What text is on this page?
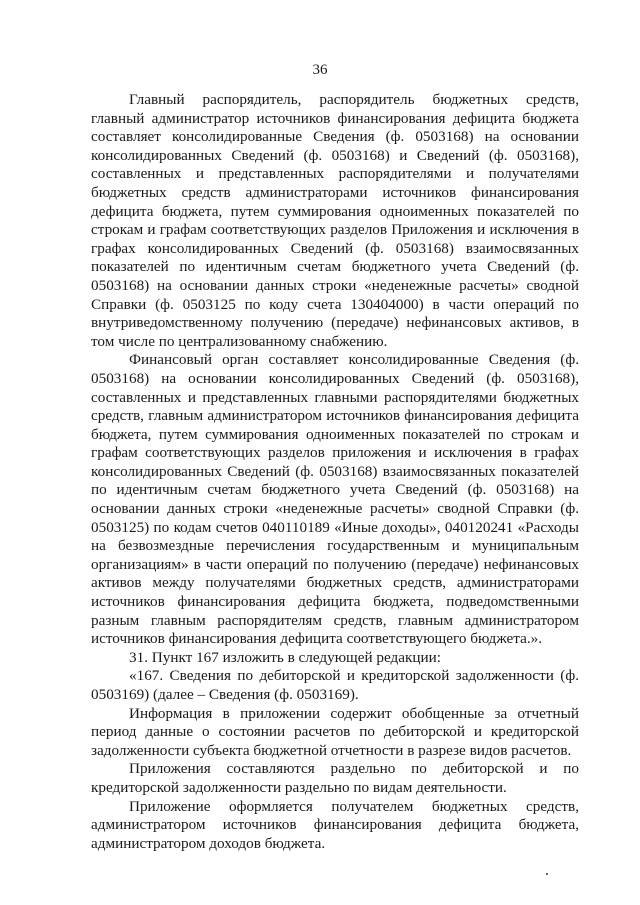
36

Главный распорядитель, распорядитель бюджетных средств, главный администратор источников финансирования дефицита бюджета составляет консолидированные Сведения (ф. 0503168) на основании консолидированных Сведений (ф. 0503168) и Сведений (ф. 0503168), составленных и представленных распорядителями и получателями бюджетных средств администраторами источников финансирования дефицита бюджета, путем суммирования одноименных показателей по строкам и графам соответствующих разделов Приложения и исключения в графах консолидированных Сведений (ф. 0503168) взаимосвязанных показателей по идентичным счетам бюджетного учета Сведений (ф. 0503168) на основании данных строки «неденежные расчеты» сводной Справки (ф. 0503125 по коду счета 130404000) в части операций по внутриведомственному получению (передаче) нефинансовых активов, в том числе по централизованному снабжению.

Финансовый орган составляет консолидированные Сведения (ф. 0503168) на основании консолидированных Сведений (ф. 0503168), составленных и представленных главными распорядителями бюджетных средств, главным администратором источников финансирования дефицита бюджета, путем суммирования одноименных показателей по строкам и графам соответствующих разделов приложения и исключения в графах консолидированных Сведений (ф. 0503168) взаимосвязанных показателей по идентичным счетам бюджетного учета Сведений (ф. 0503168) на основании данных строки «неденежные расчеты» сводной Справки (ф. 0503125) по кодам счетов 040110189 «Иные доходы», 040120241 «Расходы на безвозмездные перечисления государственным и муниципальным организациям» в части операций по получению (передаче) нефинансовых активов между получателями бюджетных средств, администраторами источников финансирования дефицита бюджета, подведомственными разным главным распорядителям средств, главным администратором источников финансирования дефицита соответствующего бюджета.».

31. Пункт 167 изложить в следующей редакции:

«167. Сведения по дебиторской и кредиторской задолженности (ф. 0503169) (далее – Сведения (ф. 0503169).

Информация в приложении содержит обобщенные за отчетный период данные о состоянии расчетов по дебиторской и кредиторской задолженности субъекта бюджетной отчетности в разрезе видов расчетов.

Приложения составляются раздельно по дебиторской и по кредиторской задолженности раздельно по видам деятельности.

Приложение оформляется получателем бюджетных средств, администратором источников финансирования дефицита бюджета, администратором доходов бюджета.
